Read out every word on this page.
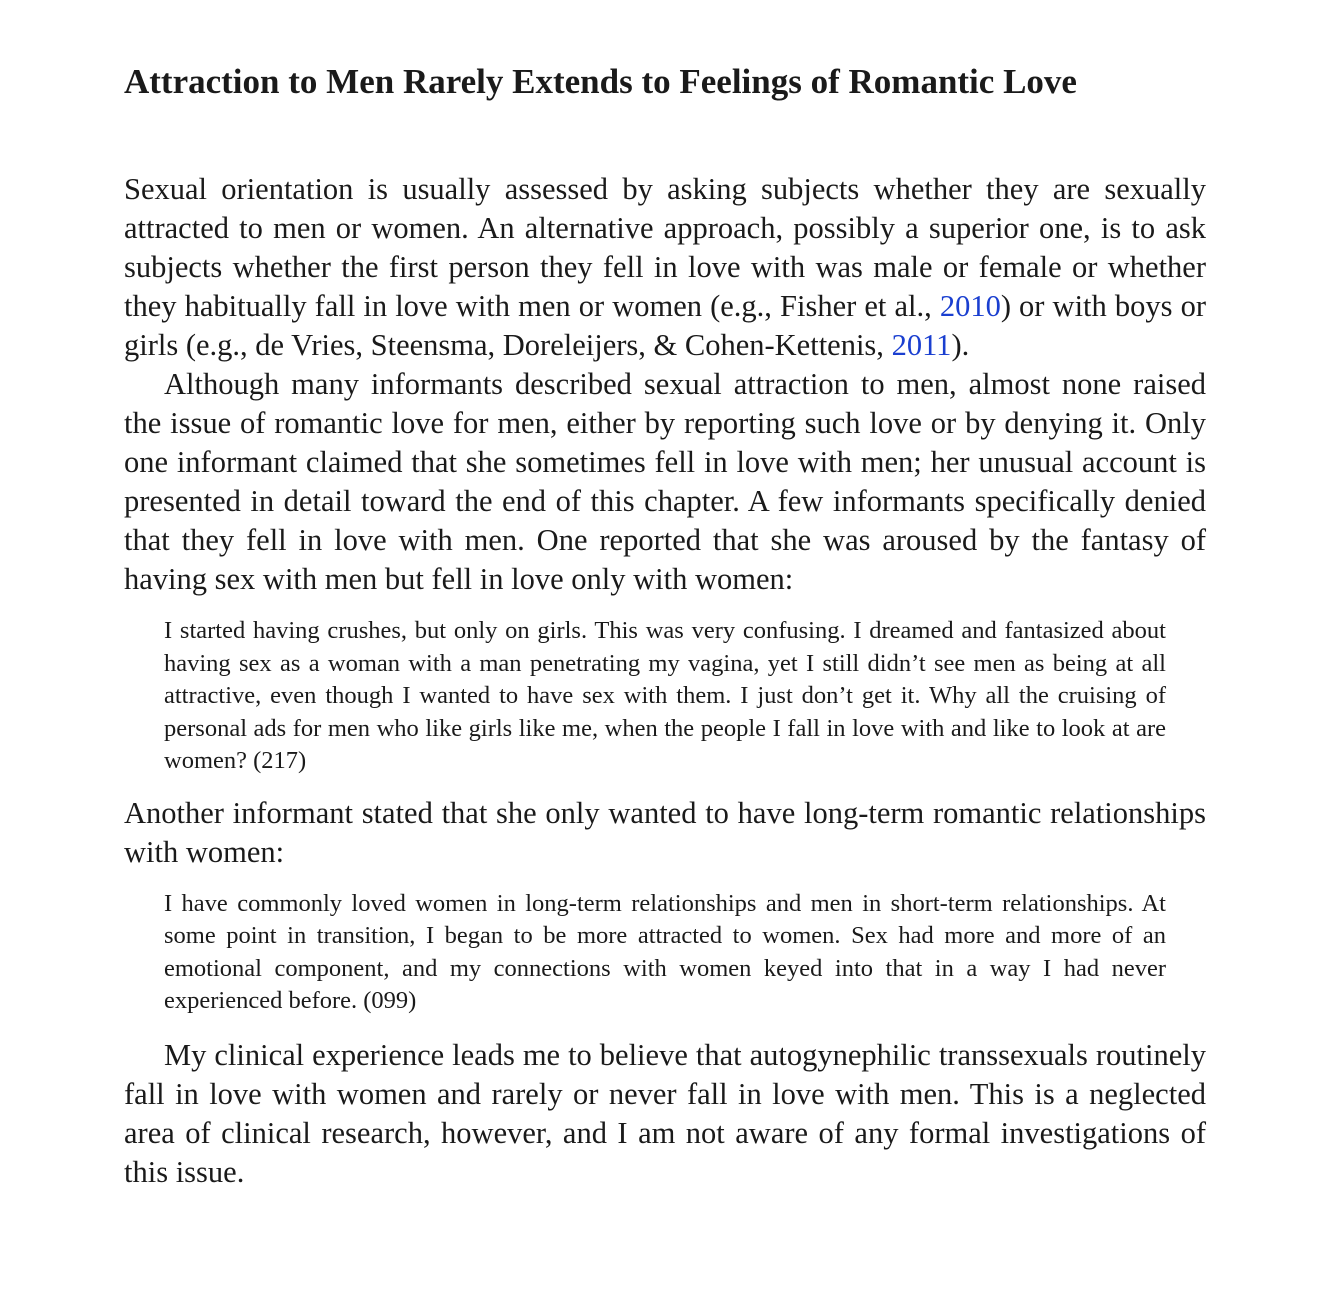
Attraction to Men Rarely Extends to Feelings of Romantic Love

Sexual orientation is usually assessed by asking subjects whether they are sexually attracted to men or women. An alternative approach, possibly a superior one, is to ask subjects whether the first person they fell in love with was male or female or whether they habitually fall in love with men or women (e.g., Fisher et al., 2010) or with boys or girls (e.g., de Vries, Steensma, Doreleijers, & Cohen-Kettenis, 2011).

Although many informants described sexual attraction to men, almost none raised the issue of romantic love for men, either by reporting such love or by denying it. Only one informant claimed that she sometimes fell in love with men; her unusual account is presented in detail toward the end of this chapter. A few informants specifically denied that they fell in love with men. One reported that she was aroused by the fantasy of having sex with men but fell in love only with women:

I started having crushes, but only on girls. This was very confusing. I dreamed and fantasized about having sex as a woman with a man penetrating my vagina, yet I still didn’t see men as being at all attractive, even though I wanted to have sex with them. I just don’t get it. Why all the cruising of personal ads for men who like girls like me, when the people I fall in love with and like to look at are women? (217)

Another informant stated that she only wanted to have long-term romantic relationships with women:

I have commonly loved women in long-term relationships and men in short-term relationships. At some point in transition, I began to be more attracted to women. Sex had more and more of an emotional component, and my connections with women keyed into that in a way I had never experienced before. (099)

My clinical experience leads me to believe that autogynephilic transsexuals routinely fall in love with women and rarely or never fall in love with men. This is a neglected area of clinical research, however, and I am not aware of any formal investigations of this issue.
